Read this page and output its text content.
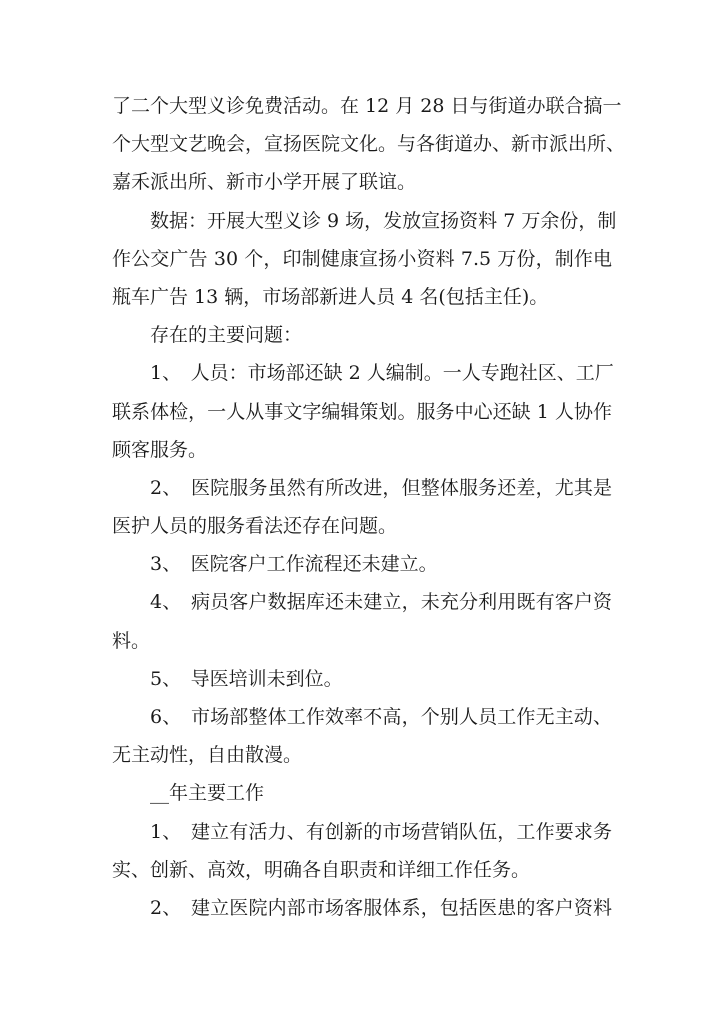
了二个大型义诊免费活动。在 12 月 28 日与街道办联合搞一
个大型文艺晚会，宣扬医院文化。与各街道办、新市派出所、
嘉禾派出所、新市小学开展了联谊。
数据：开展大型义诊 9 场，发放宣扬资料 7 万余份，制
作公交广告 30 个，印制健康宣扬小资料 7.5 万份，制作电
瓶车广告 13 辆，市场部新进人员 4 名(包括主任)。
存在的主要问题：
1、　人员：市场部还缺 2 人编制。一人专跑社区、工厂
联系体检，一人从事文字编辑策划。服务中心还缺 1 人协作
顾客服务。
2、　医院服务虽然有所改进，但整体服务还差，尤其是
医护人员的服务看法还存在问题。
3、　医院客户工作流程还未建立。
4、　病员客户数据库还未建立，未充分利用既有客户资
料。
5、　导医培训未到位。
6、　市场部整体工作效率不高，个别人员工作无主动、
无主动性，自由散漫。
__年主要工作
1、　建立有活力、有创新的市场营销队伍，工作要求务
实、创新、高效，明确各自职责和详细工作任务。
2、　建立医院内部市场客服体系，包括医患的客户资料
